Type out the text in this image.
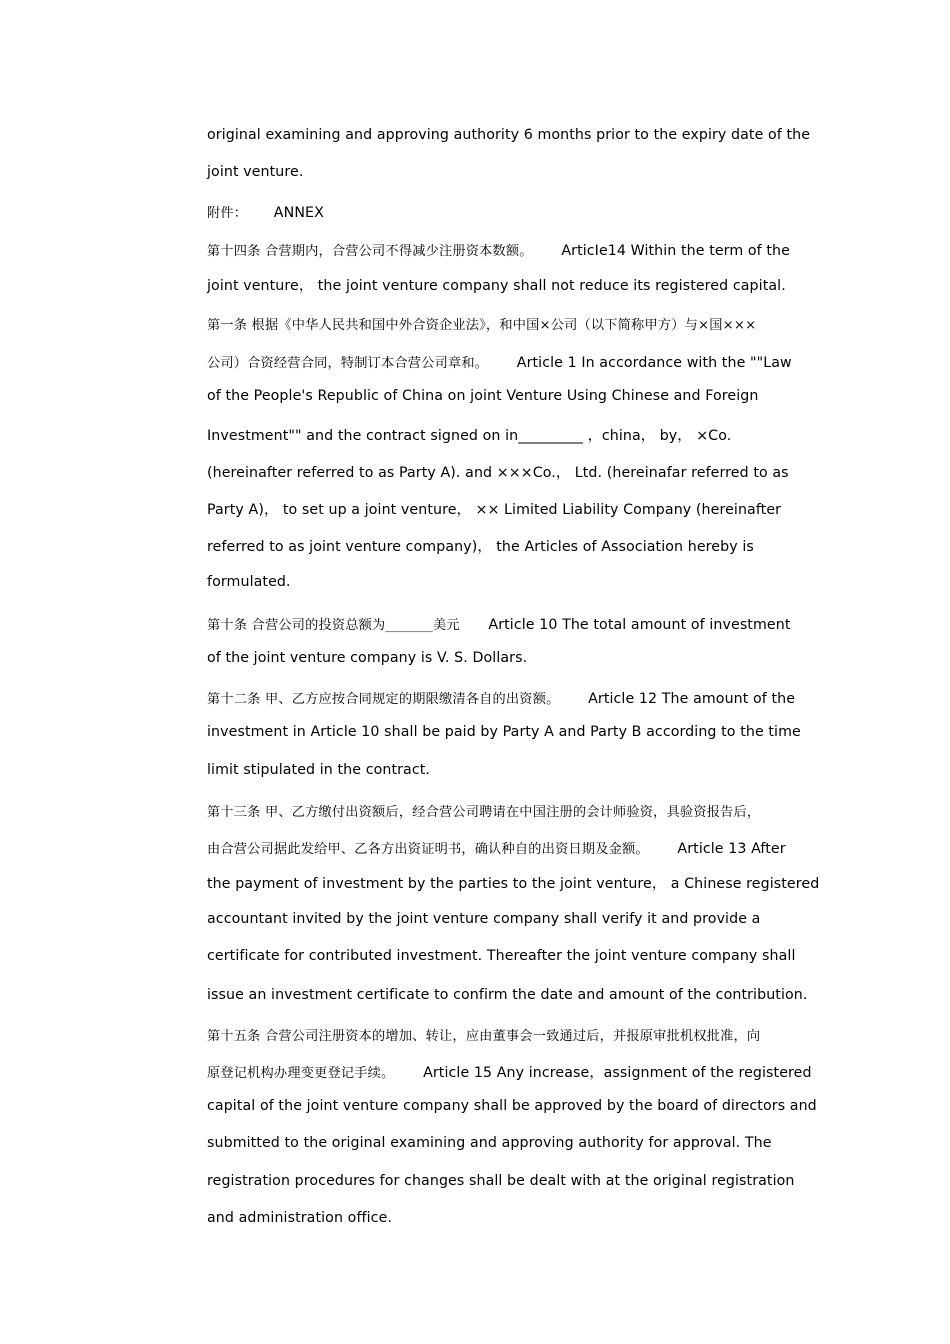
original examining and approving authority 6 months prior to the expiry date of the
joint venture.
附件： ANNEX
第十四条 合营期内，合营公司不得减少注册资本数额。 ArticIe14 Within the term of the
joint venture， the joint venture company shall not reduce its registered capital.
第一条 根据《中华人民共和国中外合资企业法》，和中国×公司（以下简称甲方）与×国×××
公司）合资经营合同，特制订本合营公司章和。 Article 1 In accordance with the ""Law
of the People's Republic of China on joint Venture Using Chinese and Foreign
Investment"" and the contract signed on in_________ ，china， by， ×Co.
(hereinafter referred to as Party A). and ×××Co.， Ltd. (hereinafar referred to as
Party A)， to set up a joint venture， ×× Limited Liability Company (hereinafter
referred to as joint venture company)， the Articles of Association hereby is
formulated.
第十条 合营公司的投资总额为_______美元 Article 10 The total amount of investment
of the joint venture company is V. S. Dollars.
第十二条 甲、乙方应按合同规定的期限缴清各自的出资额。 Article 12 The amount of the
investment in Article 10 shall be paid by Party A and Party B according to the time
limit stipulated in the contract.
第十三条 甲、乙方缴付出资额后，经合营公司聘请在中国注册的会计师验资，具验资报告后，
由合营公司据此发给甲、乙各方出资证明书，确认种自的出资日期及金额。 Article 13 After
the payment of investment by the parties to the joint venture， a Chinese registered
accountant invited by the joint venture company shall verify it and provide a
certificate for contributed investment. Thereafter the joint venture company shall
issue an investment certificate to confirm the date and amount of the contribution.
第十五条 合营公司注册资本的增加、转让，应由董事会一致通过后，并报原审批机权批准，向
原登记机构办理变更登记手续。 Article 15 Any increase，assignment of the registered
capital of the joint venture company shall be approved by the board of directors and
submitted to the original examining and approving authority for approval. The
registration procedures for changes shall be dealt with at the original registration
and administration office.
